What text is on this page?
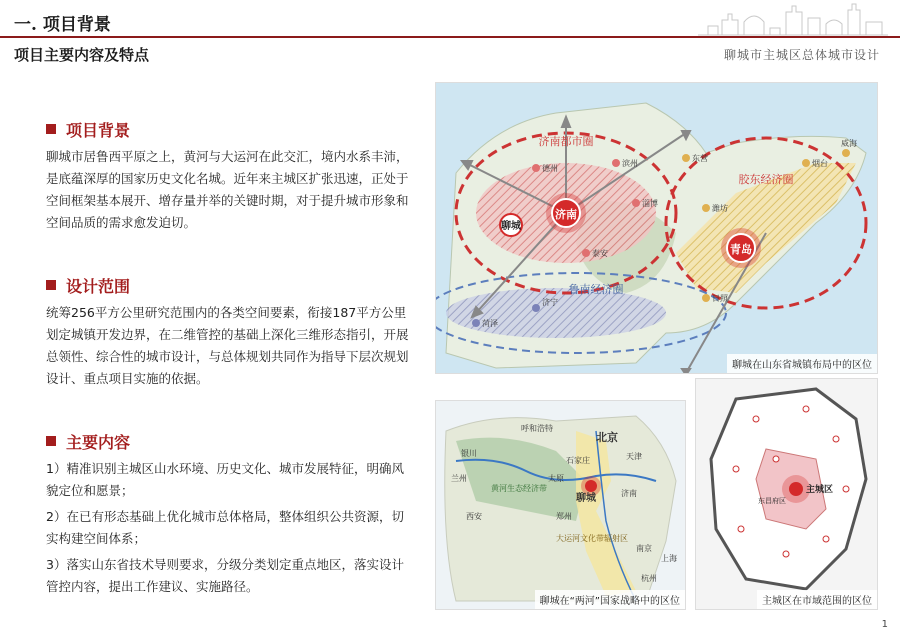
一. 项目背景
项目主要内容及特点	聊城市主城区总体城市设计
项目背景
聊城市居鲁西平原之上，黄河与大运河在此交汇，境内水系丰沛，是底蕴深厚的国家历史文化名城。近年来主城区扩张迅速，正处于空间框架基本展开、增存量并举的关键时期，对于提升城市形象和空间品质的需求愈发迫切。
设计范围
统筹256平方公里研究范围内的各类空间要素，衔接187平方公里划定城镇开发边界，在二维管控的基础上深化三维形态指引，开展总领性、综合性的城市设计，与总体规划共同作为指导下层次规划设计、重点项目实施的依据。
主要内容
1）精准识别主城区山水环境、历史文化、城市发展特征，明确风貌定位和愿景；
2）在已有形态基础上优化城市总体格局，整体组织公共资源，切实构建空间体系；
3）落实山东省技术导则要求，分级分类划定重点地区，落实设计管控内容，提出工作建议、实施路径。
济南
青岛
聊城
济南都市圈
胶东经济圈
鲁南经济圈
德州
滨州
东营
潍坊
烟台
威海
淄博
泰安
济宁	日照
菏泽
聊城在山东省城镇布局中的区位
北京
天津
石家庄
太原
济南
聊城
郑州
西安
南京
上海
杭州
呼和浩特
银川
兰州
黄河生态经济带
大运河文化带辐射区
聊城在“两河”国家战略中的区位
主城区
东昌府区
主城区在市域范围的区位
1
